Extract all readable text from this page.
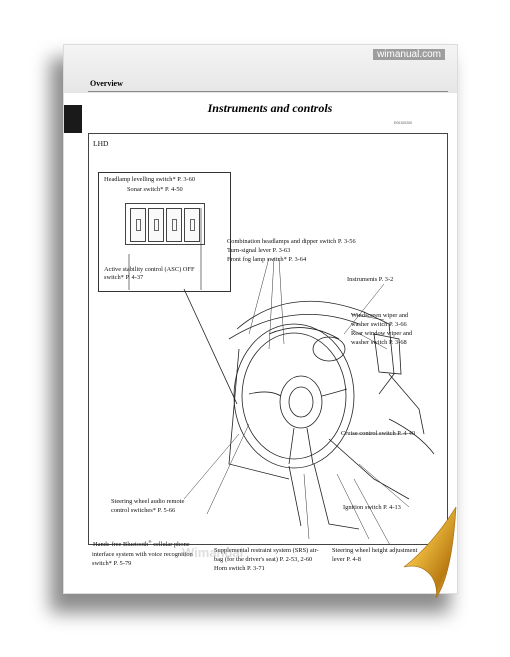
wimanual.com
Overview
Instruments and controls
E00100200
LHD
Headlamp levelling switch* P. 3-60
Sonar switch* P. 4-50
Active stability control (ASC) OFF
switch* P. 4-37
Combination headlamps and dipper switch P. 3-56
Turn-signal lever P. 3-63
Front fog lamp switch* P. 3-64
Instruments P. 3-2
Windscreen wiper and
washer switch P. 3-66
Rear window wiper and
washer switch P. 3-68
Cruise control switch P. 4-40
Steering wheel audio remote
control switches* P. 5-66	Ignition switch P. 4-13
Hands-free Bluetooth® cellular phone
interface system with voice recognition
switch* P. 5-79
Supplemental restraint system (SRS) air-
bag (for the driver's seat) P. 2-53, 2-60
Horn switch P. 3-71
Steering wheel height adjustment
lever P. 4-8
Wimanual
